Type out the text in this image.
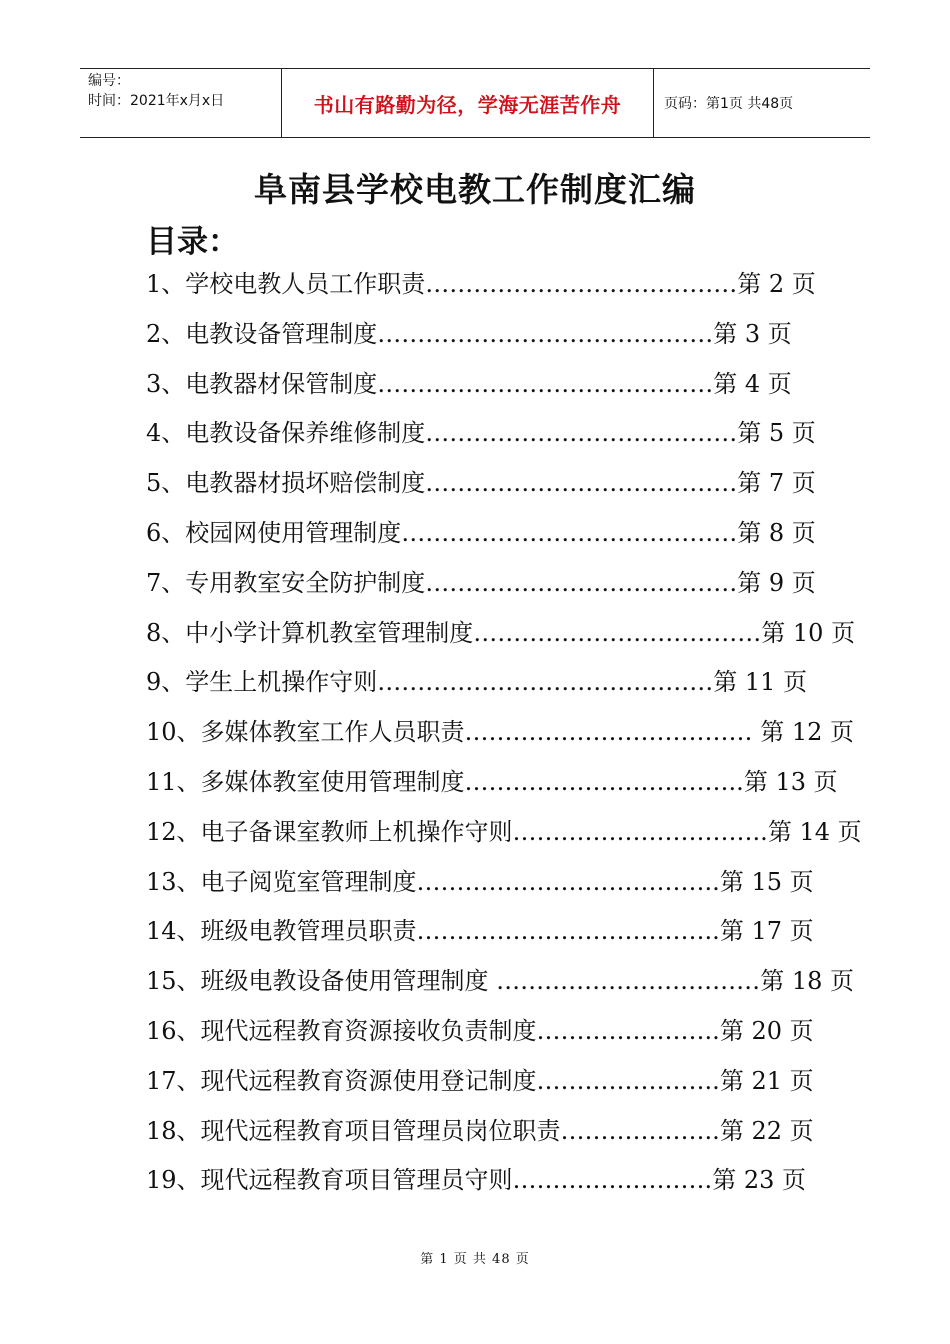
编号：
时间：2021年x月x日	书山有路勤为径，学海无涯苦作舟	页码：第1页 共48页
阜南县学校电教工作制度汇编
目录：
1、学校电教人员工作职责…………………………………第 2 页
2、电教设备管理制度……………………………………第 3 页
3、电教器材保管制度……………………………………第 4 页
4、电教设备保养维修制度…………………………………第 5 页
5、电教器材损坏赔偿制度…………………………………第 7 页
6、校园网使用管理制度……………………………………第 8 页
7、专用教室安全防护制度…………………………………第 9 页
8、中小学计算机教室管理制度………………………………第 10 页
9、学生上机操作守则……………………………………第 11 页
10、多媒体教室工作人员职责……………………………… 第 12 页
11、多媒体教室使用管理制度……………………………..第 13 页
12、电子备课室教师上机操作守则…………………………..第 14 页
13、电子阅览室管理制度………………………………..第 15 页
14、班级电教管理员职责………………………………..第 17 页
15、班级电教设备使用管理制度 ……………………………第 18 页
16、现代远程教育资源接收负责制度…………………..第 20 页
17、现代远程教育资源使用登记制度…………………..第 21 页
18、现代远程教育项目管理员岗位职责………………..第 22 页
19、现代远程教育项目管理员守则…………………….第 23 页
第 1 页 共 48 页
